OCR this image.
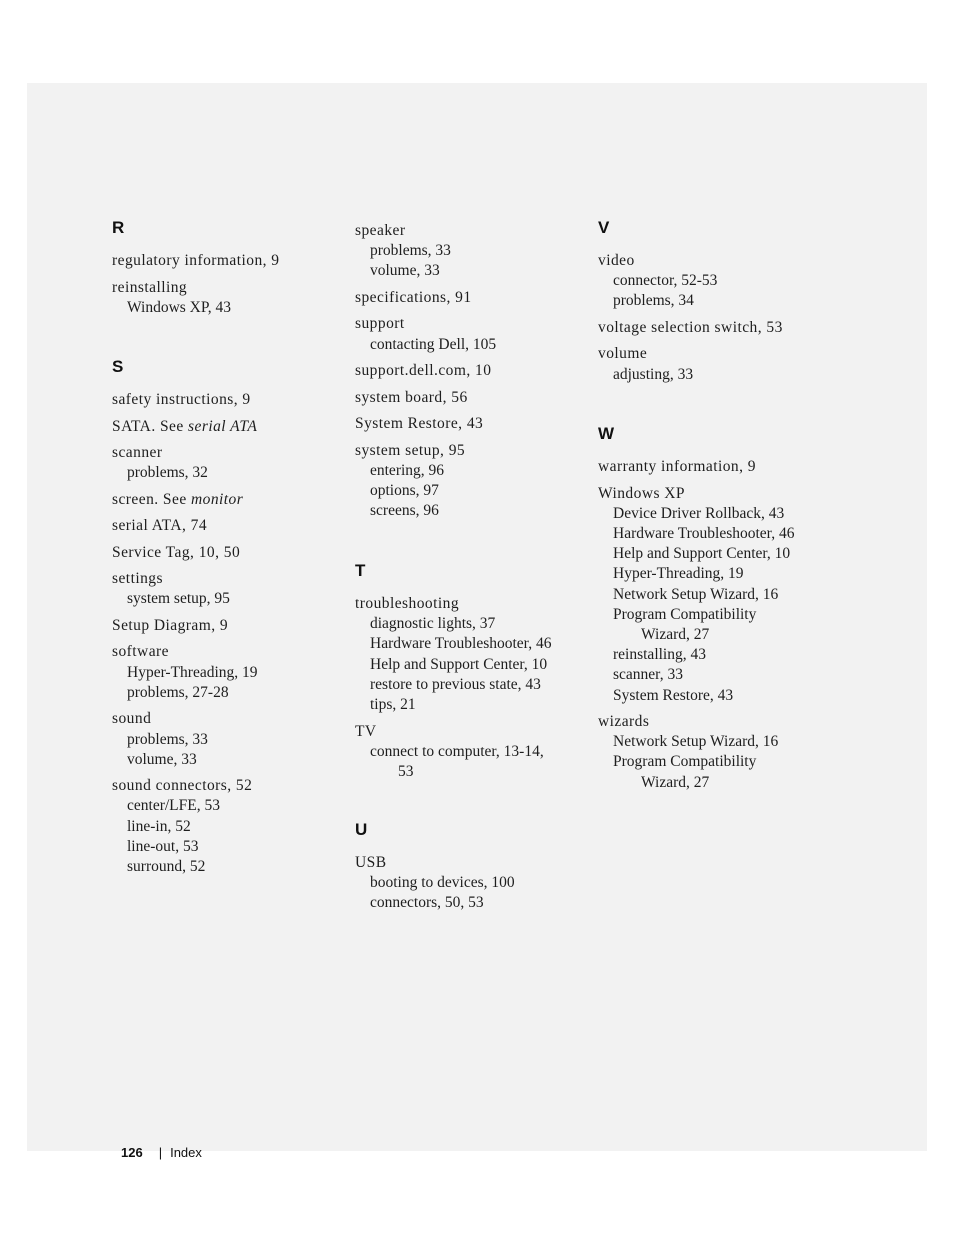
R
regulatory information, 9
reinstalling
Windows XP, 43
S
safety instructions, 9
SATA. See serial ATA
scanner
problems, 32
screen. See monitor
serial ATA, 74
Service Tag, 10, 50
settings
system setup, 95
Setup Diagram, 9
software
Hyper-Threading, 19
problems, 27-28
sound
problems, 33
volume, 33
sound connectors, 52
center/LFE, 53
line-in, 52
line-out, 53
surround, 52
speaker
problems, 33
volume, 33
specifications, 91
support
contacting Dell, 105
support.dell.com, 10
system board, 56
System Restore, 43
system setup, 95
entering, 96
options, 97
screens, 96
T
troubleshooting
diagnostic lights, 37
Hardware Troubleshooter, 46
Help and Support Center, 10
restore to previous state, 43
tips, 21
TV
connect to computer, 13-14,
53
U
USB
booting to devices, 100
connectors, 50, 53
V
video
connector, 52-53
problems, 34
voltage selection switch, 53
volume
adjusting, 33
W
warranty information, 9
Windows XP
Device Driver Rollback, 43
Hardware Troubleshooter, 46
Help and Support Center, 10
Hyper-Threading, 19
Network Setup Wizard, 16
Program Compatibility
Wizard, 27
reinstalling, 43
scanner, 33
System Restore, 43
wizards
Network Setup Wizard, 16
Program Compatibility
Wizard, 27
126 | Index
